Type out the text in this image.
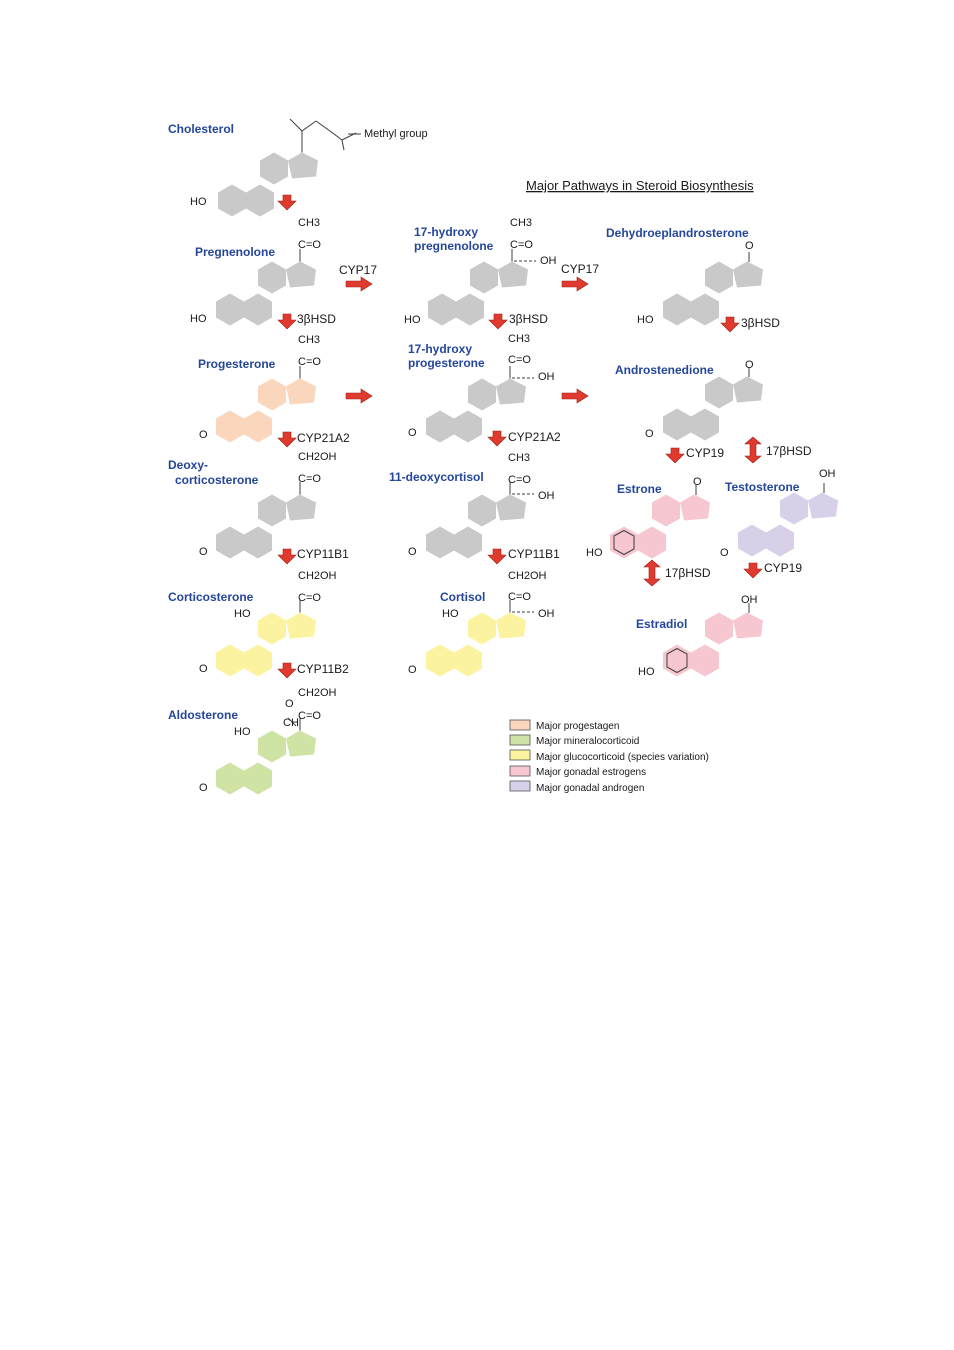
Major Pathways in Steroid Biosynthesis
Cholesterol	Methyl group
HO
Pregnenolone
CH3
C=O
HO
17-hydroxy
pregnenolone
CH3
C=O
OH
HO
Dehydroeplandrosterone
O
HO
Progesterone
CH3
C=O
O
17-hydroxy
progesterone
CH3
C=O
OH
O
Androstenedione	O
O
Deoxy-
corticosterone
CH2OH
C=O
O
11-deoxycortisol
CH3
C=O
OH
O
Estrone	O
HO
Testosterone
OH
O
Corticosterone
CH2OH
C=O
HO
O
Cortisol
CH2OH
C=O
OH
HO
O
Estradiol
OH
HO
Aldosterone
CH2OH
C=O
O
CH
HO
O
3βHSD	3βHSD	3βHSD
CYP17	CYP17
CYP21A2	CYP21A2
CYP19	17βHSD
CYP11B1	CYP11B1
17βHSD	CYP19
CYP11B2
Major progestagen
Major mineralocorticoid
Major glucocorticoid (species variation)
Major gonadal estrogens
Major gonadal androgen
